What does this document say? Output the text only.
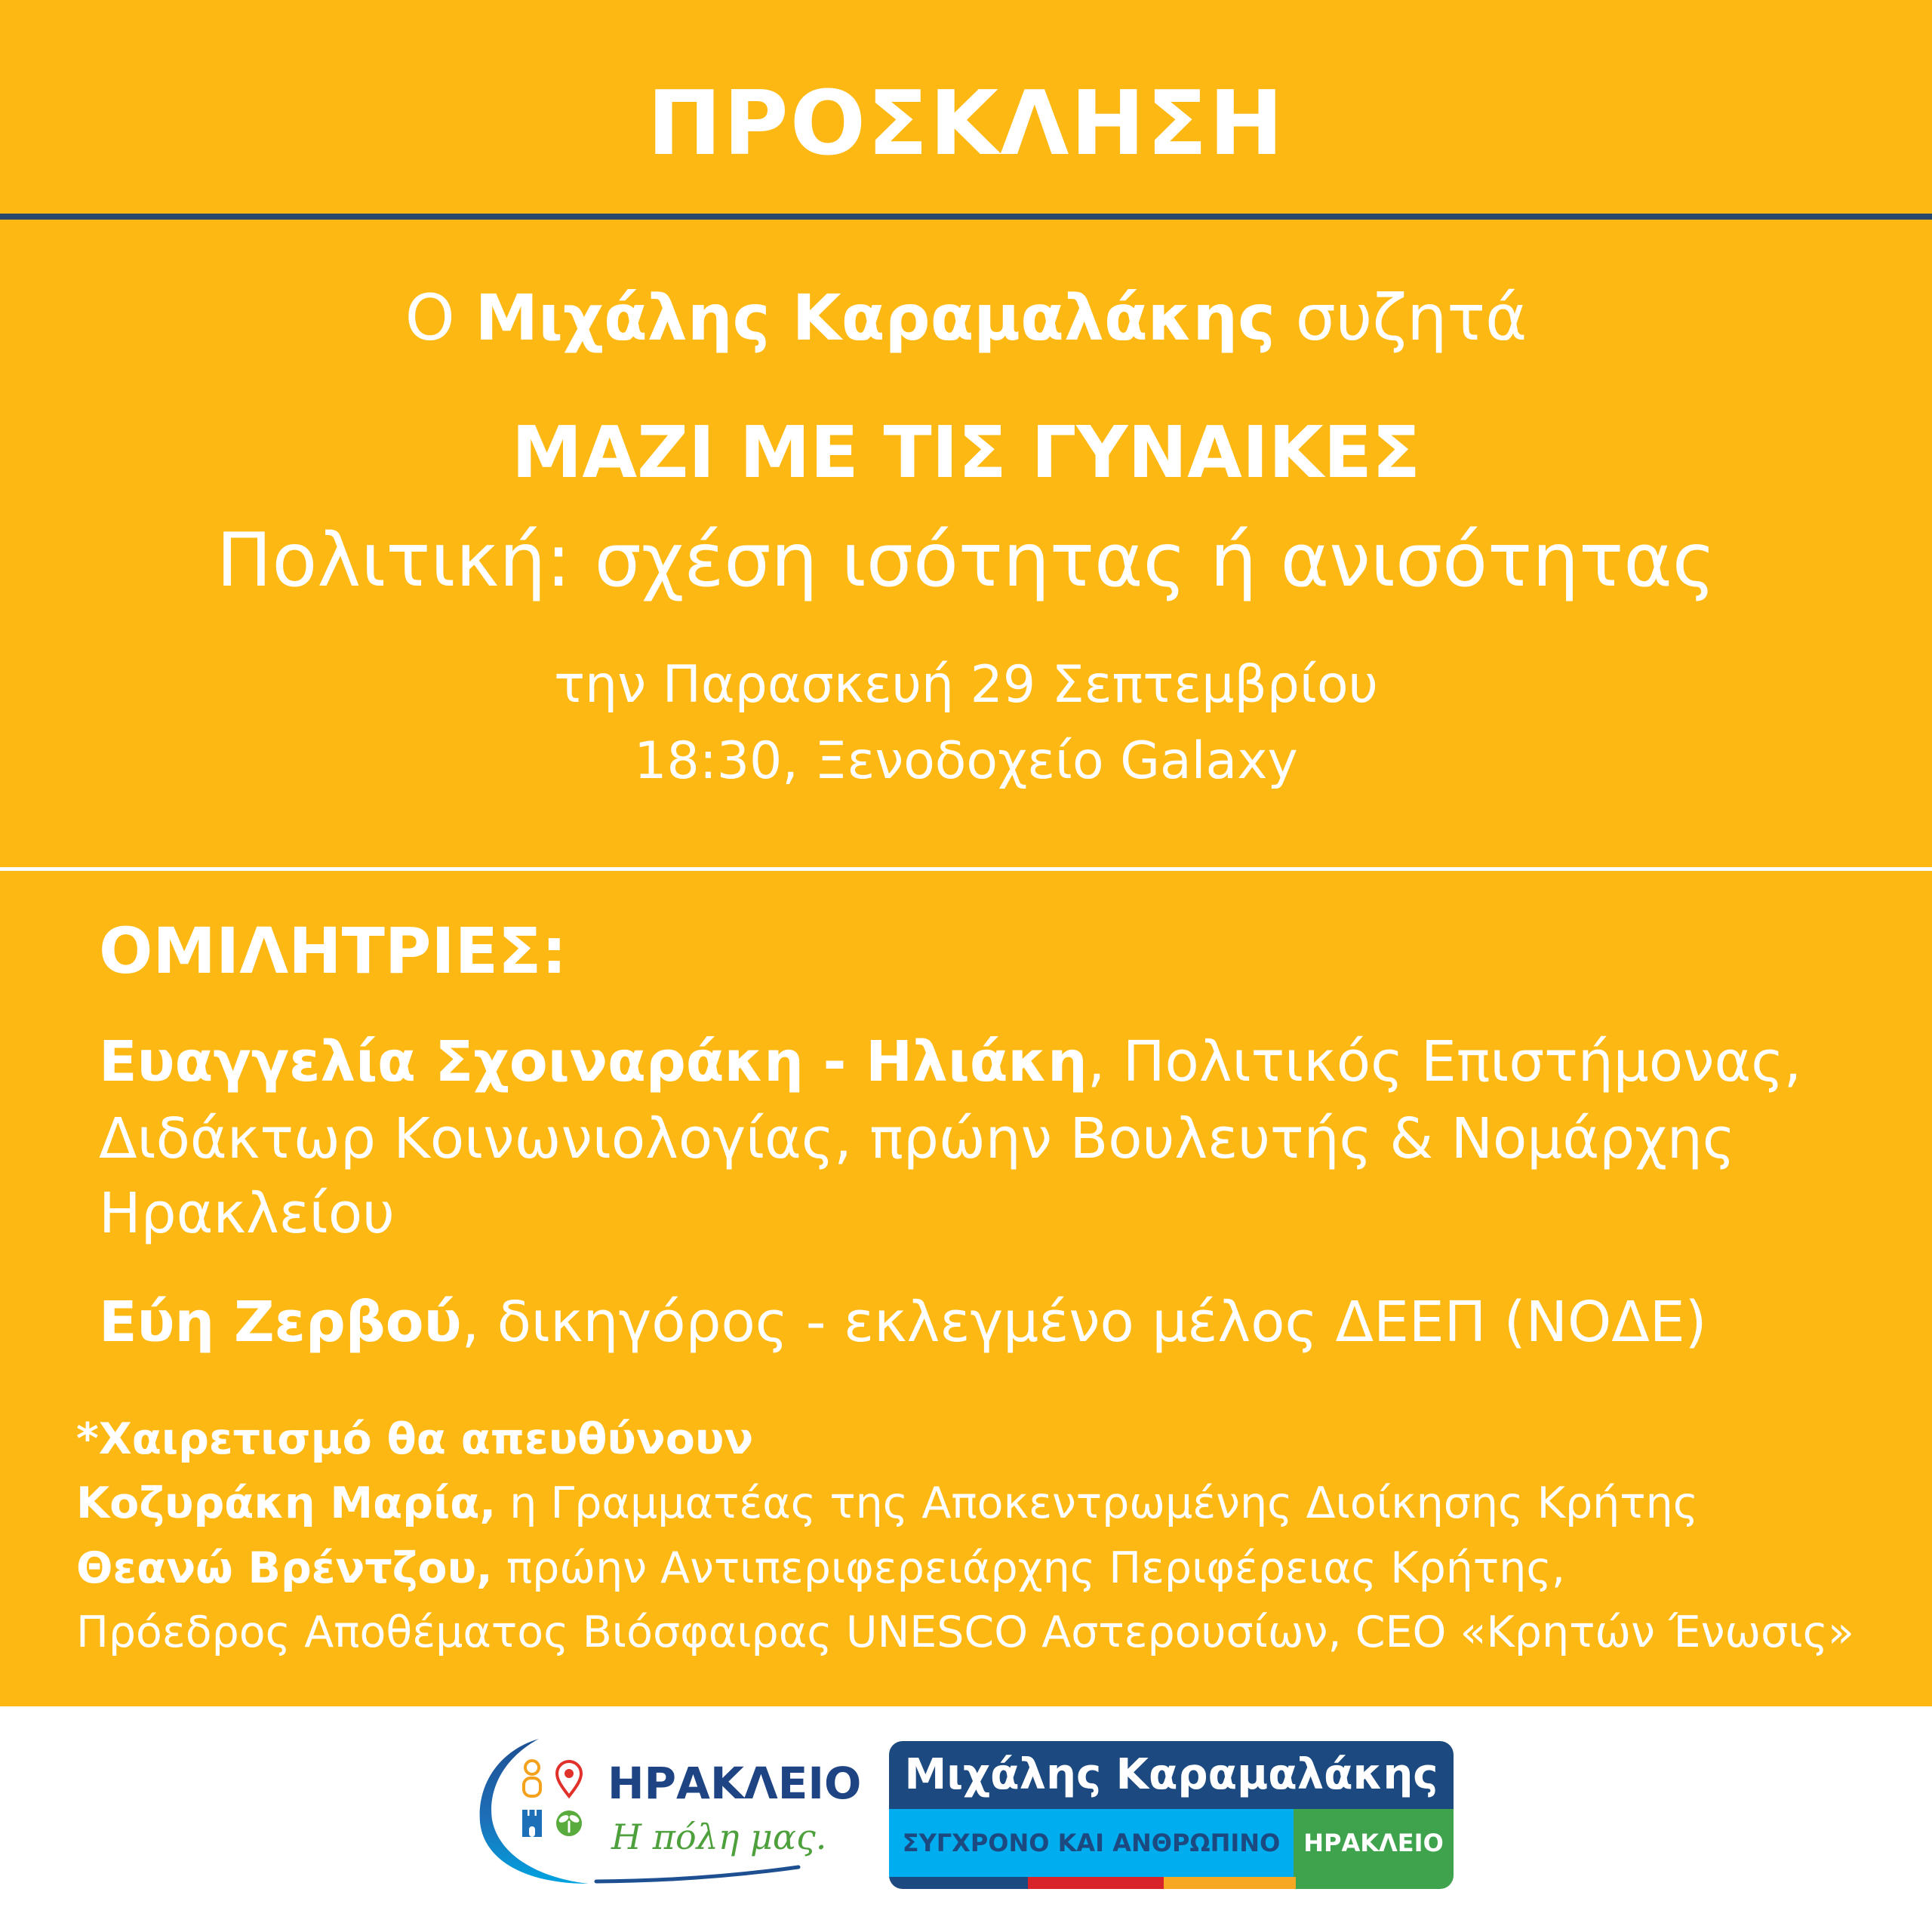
ΠΡΟΣΚΛΗΣΗ
Ο Μιχάλης Καραμαλάκης συζητά
ΜΑΖΙ ΜΕ ΤΙΣ ΓΥΝΑΙΚΕΣ
Πολιτική: σχέση ισότητας ή ανισότητας
την Παρασκευή 29 Σεπτεμβρίου
18:30, Ξενοδοχείο Galaxy
ΟΜΙΛΗΤΡΙΕΣ:
Ευαγγελία Σχοιναράκη - Ηλιάκη, Πολιτικός Επιστήμονας,
Διδάκτωρ Κοινωνιολογίας, πρώην Βουλευτής & Νομάρχης
Ηρακλείου
Εύη Ζερβού, δικηγόρος - εκλεγμένο μέλος ΔΕΕΠ (ΝΟΔΕ)
*Χαιρετισμό θα απευθύνουν
Κοζυράκη Μαρία, η Γραμματέας της Αποκεντρωμένης Διοίκησης Κρήτης
Θεανώ Βρέντζου, πρώην Αντιπεριφερειάρχης Περιφέρειας Κρήτης,
Πρόεδρος Αποθέματος Βιόσφαιρας UNESCO Αστερουσίων, CEO «Κρητών Ένωσις»
ΗΡΑΚΛΕΙΟ
Η πόλη μας.
Μιχάλης Καραμαλάκης
ΣΥΓΧΡΟΝΟ ΚΑΙ ΑΝΘΡΩΠΙΝΟ ΗΡΑΚΛΕΙΟ
